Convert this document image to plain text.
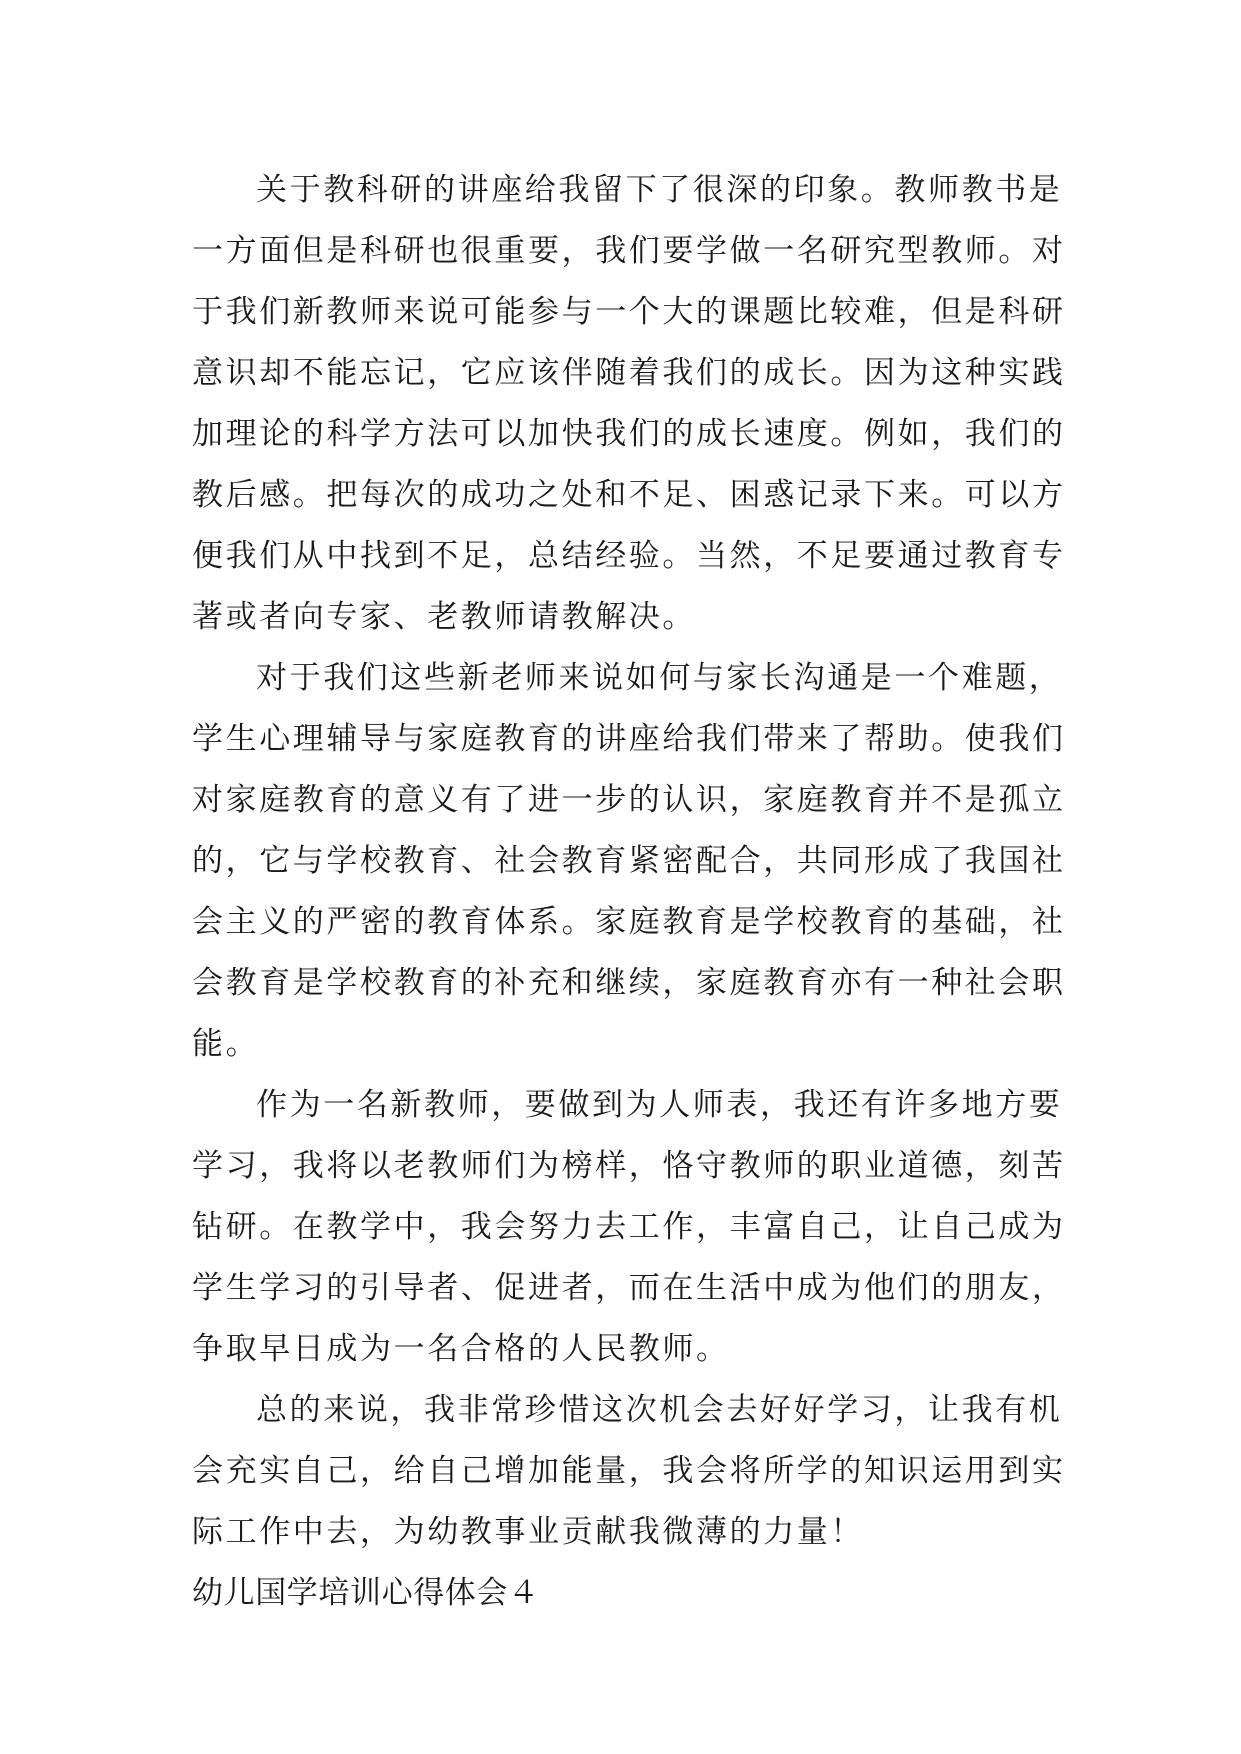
关于教科研的讲座给我留下了很深的印象。教师教书是
一方面但是科研也很重要，我们要学做一名研究型教师。对
于我们新教师来说可能参与一个大的课题比较难，但是科研
意识却不能忘记，它应该伴随着我们的成长。因为这种实践
加理论的科学方法可以加快我们的成长速度。例如，我们的
教后感。把每次的成功之处和不足、困惑记录下来。可以方
便我们从中找到不足，总结经验。当然，不足要通过教育专
著或者向专家、老教师请教解决。
对于我们这些新老师来说如何与家长沟通是一个难题，
学生心理辅导与家庭教育的讲座给我们带来了帮助。使我们
对家庭教育的意义有了进一步的认识，家庭教育并不是孤立
的，它与学校教育、社会教育紧密配合，共同形成了我国社
会主义的严密的教育体系。家庭教育是学校教育的基础，社
会教育是学校教育的补充和继续，家庭教育亦有一种社会职
能。
作为一名新教师，要做到为人师表，我还有许多地方要
学习，我将以老教师们为榜样，恪守教师的职业道德，刻苦
钻研。在教学中，我会努力去工作，丰富自己，让自己成为
学生学习的引导者、促进者，而在生活中成为他们的朋友，
争取早日成为一名合格的人民教师。
总的来说，我非常珍惜这次机会去好好学习，让我有机
会充实自己，给自己增加能量，我会将所学的知识运用到实
际工作中去，为幼教事业贡献我微薄的力量！
幼儿国学培训心得体会４
